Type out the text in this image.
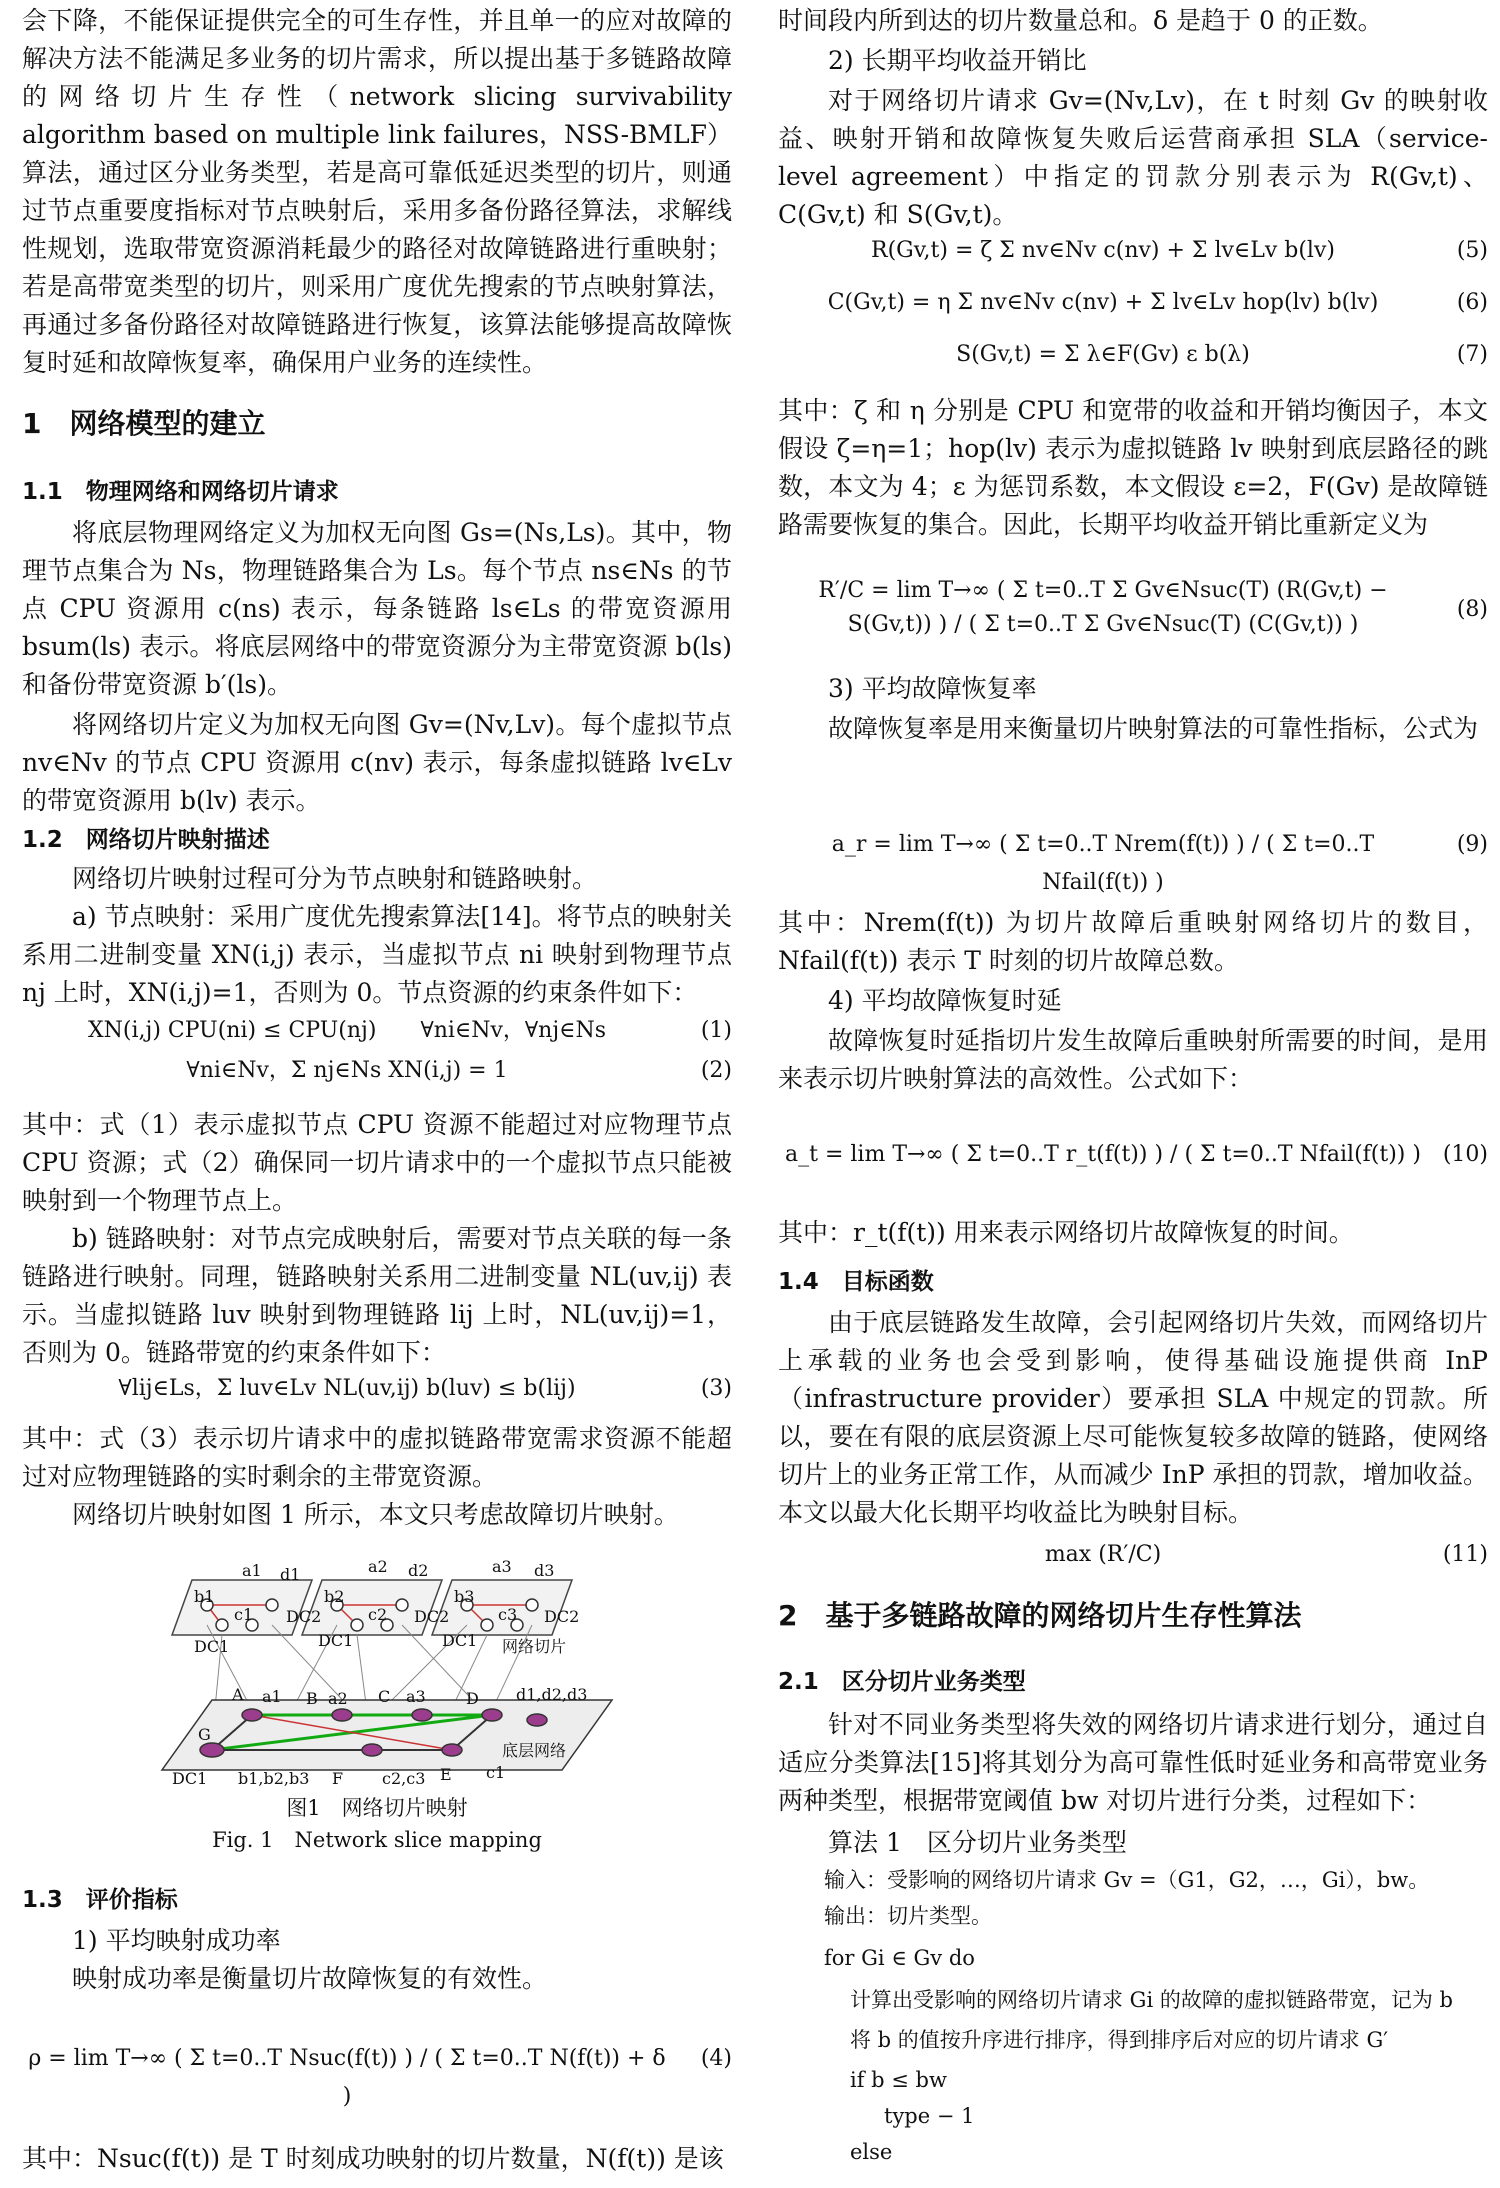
会下降，不能保证提供完全的可生存性，并且单一的应对故障的解决方法不能满足多业务的切片需求，所以提出基于多链路故障的网络切片生存性（network slicing survivability algorithm based on multiple link failures，NSS-BMLF）算法，通过区分业务类型，若是高可靠低延迟类型的切片，则通过节点重要度指标对节点映射后，采用多备份路径算法，求解线性规划，选取带宽资源消耗最少的路径对故障链路进行重映射；若是高带宽类型的切片，则采用广度优先搜索的节点映射算法，再通过多备份路径对故障链路进行恢复，该算法能够提高故障恢复时延和故障恢复率，确保用户业务的连续性。

1　网络模型的建立
1.1　物理网络和网络切片请求

将底层物理网络定义为加权无向图 Gs=(Ns,Ls)。其中，物理节点集合为 Ns，物理链路集合为 Ls。每个节点 ns∈Ns 的节点 CPU 资源用 c(ns) 表示，每条链路 ls∈Ls 的带宽资源用 bsum(ls) 表示。将底层网络中的带宽资源分为主带宽资源 b(ls) 和备份带宽资源 b′(ls)。

将网络切片定义为加权无向图 Gv=(Nv,Lv)。每个虚拟节点 nv∈Nv 的节点 CPU 资源用 c(nv) 表示，每条虚拟链路 lv∈Lv 的带宽资源用 b(lv) 表示。

1.2　网络切片映射描述

网络切片映射过程可分为节点映射和链路映射。

a) 节点映射：采用广度优先搜索算法[14]。将节点的映射关系用二进制变量 XN(i,j) 表示，当虚拟节点 ni 映射到物理节点 nj 上时，XN(i,j)=1，否则为 0。节点资源的约束条件如下：

XN(i,j) CPU(ni) ≤ CPU(nj)　　∀ni∈Nv，∀nj∈Ns	(1)
∀ni∈Nv，Σ nj∈Ns XN(i,j) = 1	(2)

其中：式（1）表示虚拟节点 CPU 资源不能超过对应物理节点 CPU 资源；式（2）确保同一切片请求中的一个虚拟节点只能被映射到一个物理节点上。

b) 链路映射：对节点完成映射后，需要对节点关联的每一条链路进行映射。同理，链路映射关系用二进制变量 NL(uv,ij) 表示。当虚拟链路 luv 映射到物理链路 lij 上时，NL(uv,ij)=1，否则为 0。链路带宽的约束条件如下：

∀lij∈Ls，Σ luv∈Lv NL(uv,ij) b(luv) ≤ b(lij)	(3)

其中：式（3）表示切片请求中的虚拟链路带宽需求资源不能超过对应物理链路的实时剩余的主带宽资源。

网络切片映射如图 1 所示，本文只考虑故障切片映射。

a1 d1
b1
c1 DC2
a2 d2
b2
c2 DC2
a3 d3
b3
c3 DC2
DC1	DC1	DC1 网络切片
A a1 B a2 C a3	D d1,d2,d3
G
DC1 b1,b2,b3 F c2,c3 E c1
底层网络
图1　网络切片映射
Fig. 1　Network slice mapping
1.3　评价指标

1) 平均映射成功率

映射成功率是衡量切片故障恢复的有效性。

ρ = lim T→∞ ( Σ t=0..T Nsuc(f(t)) ) / ( Σ t=0..T N(f(t)) + δ )
(4)

其中：Nsuc(f(t)) 是 T 时刻成功映射的切片数量，N(f(t)) 是该

时间段内所到达的切片数量总和。δ 是趋于 0 的正数。

2) 长期平均收益开销比

对于网络切片请求 Gv=(Nv,Lv)，在 t 时刻 Gv 的映射收益、映射开销和故障恢复失败后运营商承担 SLA（service-level agreement）中指定的罚款分别表示为 R(Gv,t)、C(Gv,t) 和 S(Gv,t)。

R(Gv,t) = ζ Σ nv∈Nv c(nv) + Σ lv∈Lv b(lv)	(5)
C(Gv,t) = η Σ nv∈Nv c(nv) + Σ lv∈Lv hop(lv) b(lv)	(6)
S(Gv,t) = Σ λ∈F(Gv) ε b(λ)	(7)

其中：ζ 和 η 分别是 CPU 和宽带的收益和开销均衡因子，本文假设 ζ=η=1；hop(lv) 表示为虚拟链路 lv 映射到底层路径的跳数，本文为 4；ε 为惩罚系数，本文假设 ε=2，F(Gv) 是故障链路需要恢复的集合。因此，长期平均收益开销比重新定义为

R′/C = lim T→∞ ( Σ t=0..T Σ Gv∈Nsuc(T) (R(Gv,t) − S(Gv,t)) ) / ( Σ t=0..T Σ Gv∈Nsuc(T) (C(Gv,t)) )
(8)

3) 平均故障恢复率

故障恢复率是用来衡量切片映射算法的可靠性指标，公式为

a_r = lim T→∞ ( Σ t=0..T Nrem(f(t)) ) / ( Σ t=0..T Nfail(f(t)) )
(9)

其中：Nrem(f(t)) 为切片故障后重映射网络切片的数目，Nfail(f(t)) 表示 T 时刻的切片故障总数。

4) 平均故障恢复时延

故障恢复时延指切片发生故障后重映射所需要的时间，是用来表示切片映射算法的高效性。公式如下：

a_t = lim T→∞ ( Σ t=0..T r_t(f(t)) ) / ( Σ t=0..T Nfail(f(t)) ) (10)

其中：r_t(f(t)) 用来表示网络切片故障恢复的时间。

1.4　目标函数

由于底层链路发生故障，会引起网络切片失效，而网络切片上承载的业务也会受到影响，使得基础设施提供商 InP（infrastructure provider）要承担 SLA 中规定的罚款。所以，要在有限的底层资源上尽可能恢复较多故障的链路，使网络切片上的业务正常工作，从而减少 InP 承担的罚款，增加收益。本文以最大化长期平均收益比为映射目标。

max (R′/C)	(11)
2　基于多链路故障的网络切片生存性算法
2.1　区分切片业务类型

针对不同业务类型将失效的网络切片请求进行划分，通过自适应分类算法[15]将其划分为高可靠性低时延业务和高带宽业务两种类型，根据带宽阈值 bw 对切片进行分类，过程如下：

算法 1　区分切片业务类型
输入：受影响的网络切片请求 Gv =（G1，G2，…，Gi），bw。
输出：切片类型。
for Gi ∈ Gv do
计算出受影响的网络切片请求 Gi 的故障的虚拟链路带宽，记为 b
将 b 的值按升序进行排序，得到排序后对应的切片请求 G′
if b ≤ bw
type − 1
else
